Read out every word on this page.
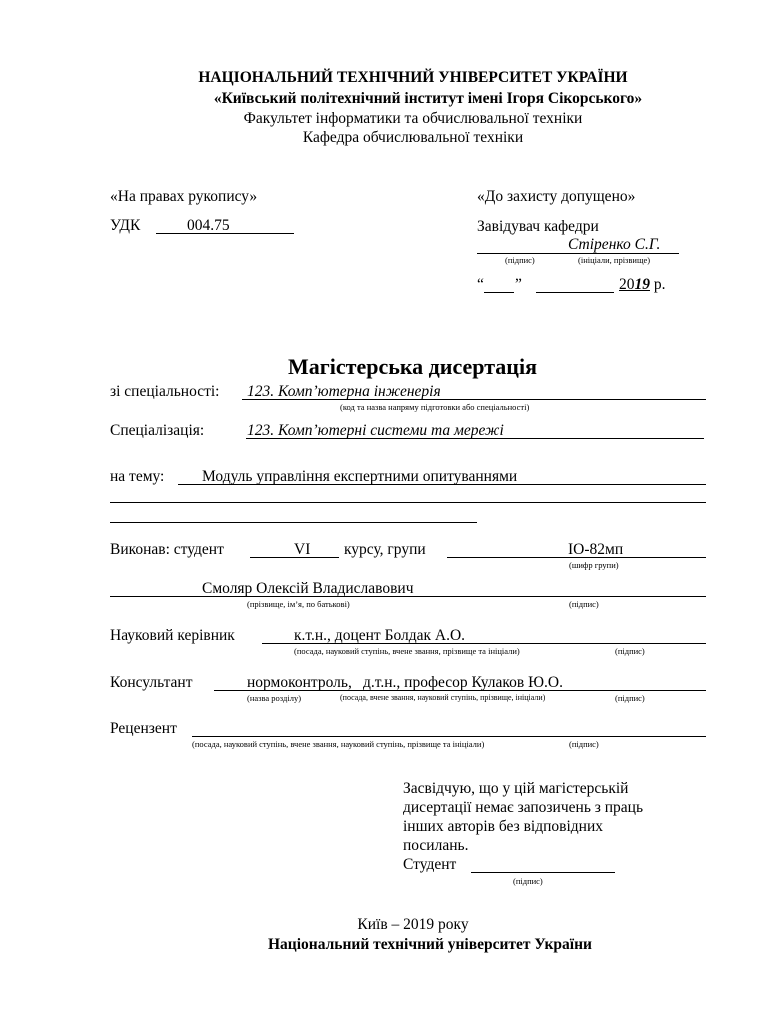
НАЦІОНАЛЬНИЙ ТЕХНІЧНИЙ УНІВЕРСИТЕТ УКРАЇНИ
«Київський політехнічний інститут імені Ігоря Сікорського»
Факультет інформатики та обчислювальної техніки
Кафедра обчислювальної техніки
«На правах рукопису»
УДК	004.75
«До захисту допущено»
Завідувач кафедри
Стіренко С.Г.
(підпис)	(ініціали, прізвище)
“ ”	2019 р.
Магістерська дисертація
зі спеціальності: 123. Комп’ютерна інженерія
(код та назва напряму підготовки або спеціальності)
Спеціалізація:	123. Комп’ютерні системи та мережі
на тему: Модуль управління експертними опитуваннями
Виконав: студент	VI курсу, групи	ІО-82мп
(шифр групи)
Смоляр Олексій Владиславович
(прізвище, ім’я, по батькові)	(підпис)
Науковий керівник	к.т.н., доцент Болдак А.О.
(посада, науковий ступінь, вчене звання, прізвище та ініціали)	(підпис)
Консультант	нормоконтроль, д.т.н., професор Кулаков Ю.О.
(назва розділу)	(посада, вчене звання, науковий ступінь, прізвище, ініціали)	(підпис)
Рецензент
(посада, науковий ступінь, вчене звання, науковий ступінь, прізвище та ініціали)	(підпис)
Засвідчую, що у цій магістерській
дисертації немає запозичень з праць
інших авторів без відповідних
посилань.
Студент
(підпис)
Київ – 2019 року
Національний технічний університет України
